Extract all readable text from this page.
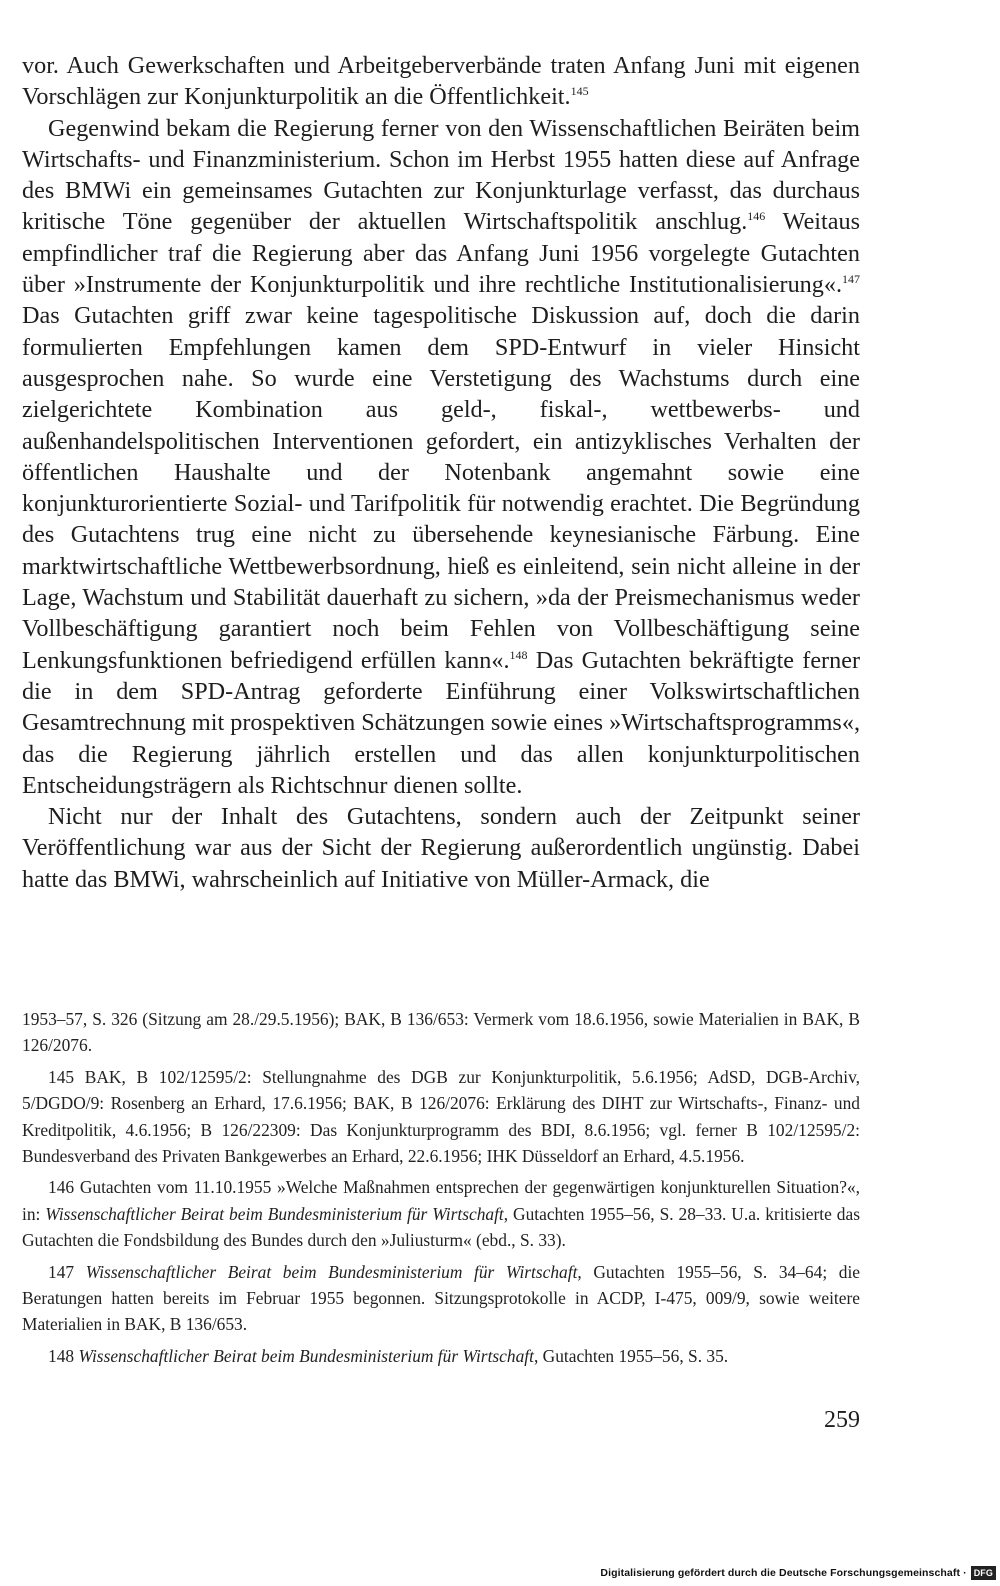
vor. Auch Gewerkschaften und Arbeitgeberverbände traten Anfang Juni mit eigenen Vorschlägen zur Konjunkturpolitik an die Öffentlichkeit.$^{145}$

Gegenwind bekam die Regierung ferner von den Wissenschaftlichen Beiräten beim Wirtschafts- und Finanzministerium. Schon im Herbst 1955 hatten diese auf Anfrage des BMWi ein gemeinsames Gutachten zur Konjunkturlage verfasst, das durchaus kritische Töne gegenüber der aktuellen Wirtschaftspolitik anschlug.$^{146}$ Weitaus empfindlicher traf die Regierung aber das Anfang Juni 1956 vorgelegte Gutachten über »Instrumente der Konjunkturpolitik und ihre rechtliche Institutionalisierung«.$^{147}$ Das Gutachten griff zwar keine tagespolitische Diskussion auf, doch die darin formulierten Empfehlungen kamen dem SPD-Entwurf in vieler Hinsicht ausgesprochen nahe. So wurde eine Verstetigung des Wachstums durch eine zielgerichtete Kombination aus geld-, fiskal-, wettbewerbs- und außenhandelspolitischen Interventionen gefordert, ein antizyklisches Verhalten der öffentlichen Haushalte und der Notenbank angemahnt sowie eine konjunkturorientierte Sozial- und Tarifpolitik für notwendig erachtet. Die Begründung des Gutachtens trug eine nicht zu übersehende keynesianische Färbung. Eine marktwirtschaftliche Wettbewerbsordnung, hieß es einleitend, sein nicht alleine in der Lage, Wachstum und Stabilität dauerhaft zu sichern, »da der Preismechanismus weder Vollbeschäftigung garantiert noch beim Fehlen von Vollbeschäftigung seine Lenkungsfunktionen befriedigend erfüllen kann«.$^{148}$ Das Gutachten bekräftigte ferner die in dem SPD-Antrag geforderte Einführung einer Volkswirtschaftlichen Gesamtrechnung mit prospektiven Schätzungen sowie eines »Wirtschaftsprogramms«, das die Regierung jährlich erstellen und das allen konjunkturpolitischen Entscheidungsträgern als Richtschnur dienen sollte.

Nicht nur der Inhalt des Gutachtens, sondern auch der Zeitpunkt seiner Veröffentlichung war aus der Sicht der Regierung außerordentlich ungünstig. Dabei hatte das BMWi, wahrscheinlich auf Initiative von Müller-Armack, die

1953–57, S. 326 (Sitzung am 28./29.5.1956); BAK, B 136/653: Vermerk vom 18.6.1956, sowie Materialien in BAK, B 126/2076.

145 BAK, B 102/12595/2: Stellungnahme des DGB zur Konjunkturpolitik, 5.6.1956; AdSD, DGB-Archiv, 5/DGDO/9: Rosenberg an Erhard, 17.6.1956; BAK, B 126/2076: Erklärung des DIHT zur Wirtschafts-, Finanz- und Kreditpolitik, 4.6.1956; B 126/22309: Das Konjunkturprogramm des BDI, 8.6.1956; vgl. ferner B 102/12595/2: Bundesverband des Privaten Bankgewerbes an Erhard, 22.6.1956; IHK Düsseldorf an Erhard, 4.5.1956.

146 Gutachten vom 11.10.1955 »Welche Maßnahmen entsprechen der gegenwärtigen konjunkturellen Situation?«, in: Wissenschaftlicher Beirat beim Bundesministerium für Wirtschaft, Gutachten 1955–56, S. 28–33. U.a. kritisierte das Gutachten die Fondsbildung des Bundes durch den »Juliusturm« (ebd., S. 33).

147 Wissenschaftlicher Beirat beim Bundesministerium für Wirtschaft, Gutachten 1955–56, S. 34–64; die Beratungen hatten bereits im Februar 1955 begonnen. Sitzungsprotokolle in ACDP, I-475, 009/9, sowie weitere Materialien in BAK, B 136/653.

148 Wissenschaftlicher Beirat beim Bundesministerium für Wirtschaft, Gutachten 1955–56, S. 35.

259
Digitalisierung gefördert durch die Deutsche Forschungsgemeinschaft · DFG
